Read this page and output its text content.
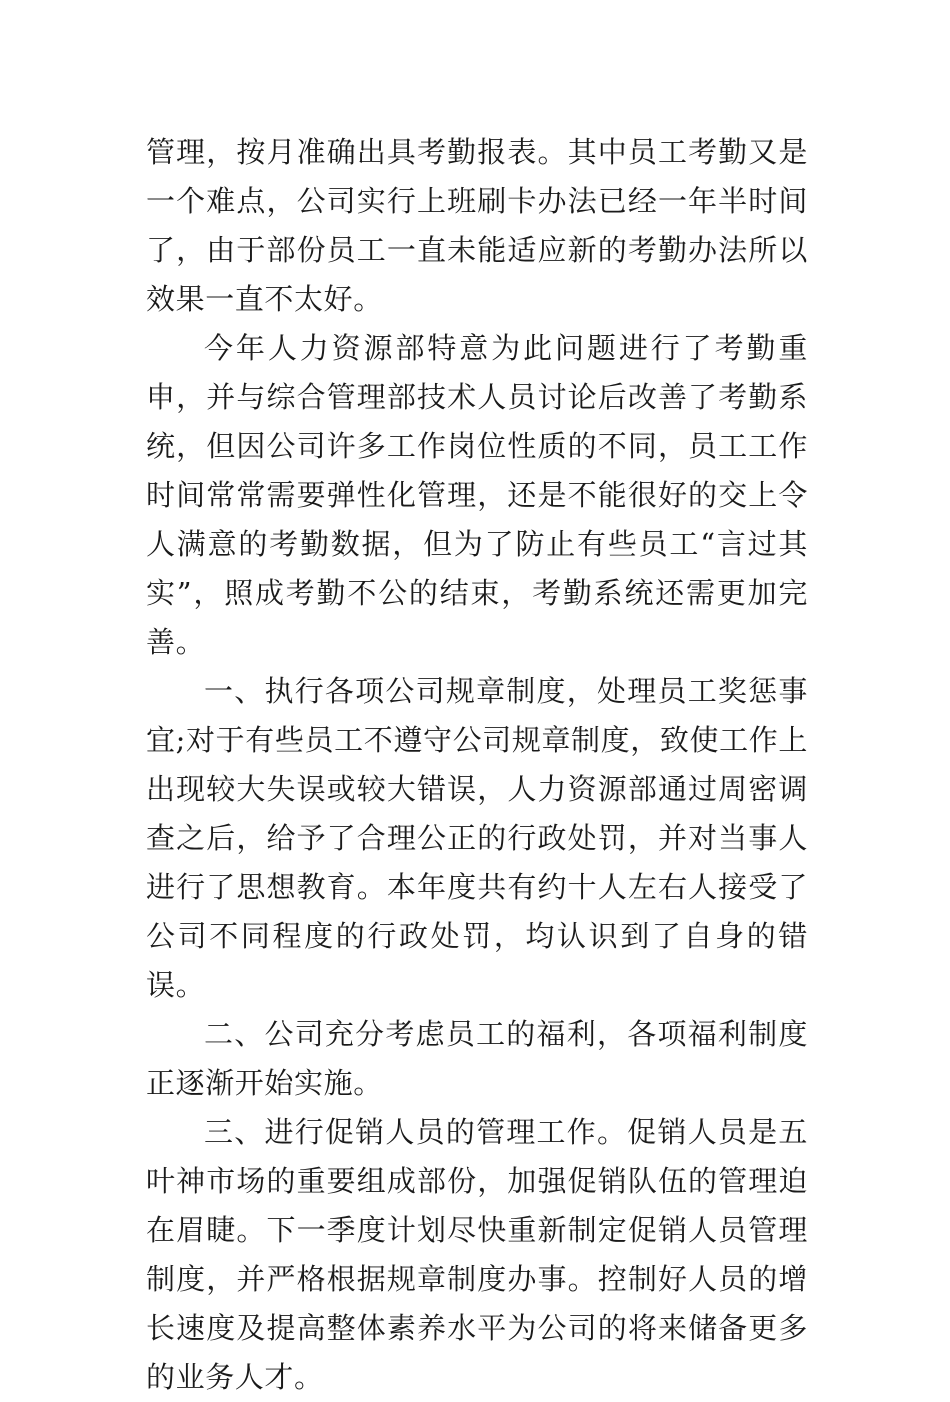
管理，按月准确出具考勤报表。其中员工考勤又是一个难点，公司实行上班刷卡办法已经一年半时间了，由于部份员工一直未能适应新的考勤办法所以效果一直不太好。

今年人力资源部特意为此问题进行了考勤重申，并与综合管理部技术人员讨论后改善了考勤系统，但因公司许多工作岗位性质的不同，员工工作时间常常需要弹性化管理，还是不能很好的交上令人满意的考勤数据，但为了防止有些员工“言过其实”，照成考勤不公的结束，考勤系统还需更加完善。

一、执行各项公司规章制度，处理员工奖惩事宜;对于有些员工不遵守公司规章制度，致使工作上出现较大失误或较大错误，人力资源部通过周密调查之后，给予了合理公正的行政处罚，并对当事人进行了思想教育。本年度共有约十人左右人接受了公司不同程度的行政处罚，均认识到了自身的错误。

二、公司充分考虑员工的福利，各项福利制度正逐渐开始实施。

三、进行促销人员的管理工作。促销人员是五叶神市场的重要组成部份，加强促销队伍的管理迫在眉睫。下一季度计划尽快重新制定促销人员管理制度，并严格根据规章制度办事。控制好人员的增长速度及提高整体素养水平为公司的将来储备更多的业务人才。
